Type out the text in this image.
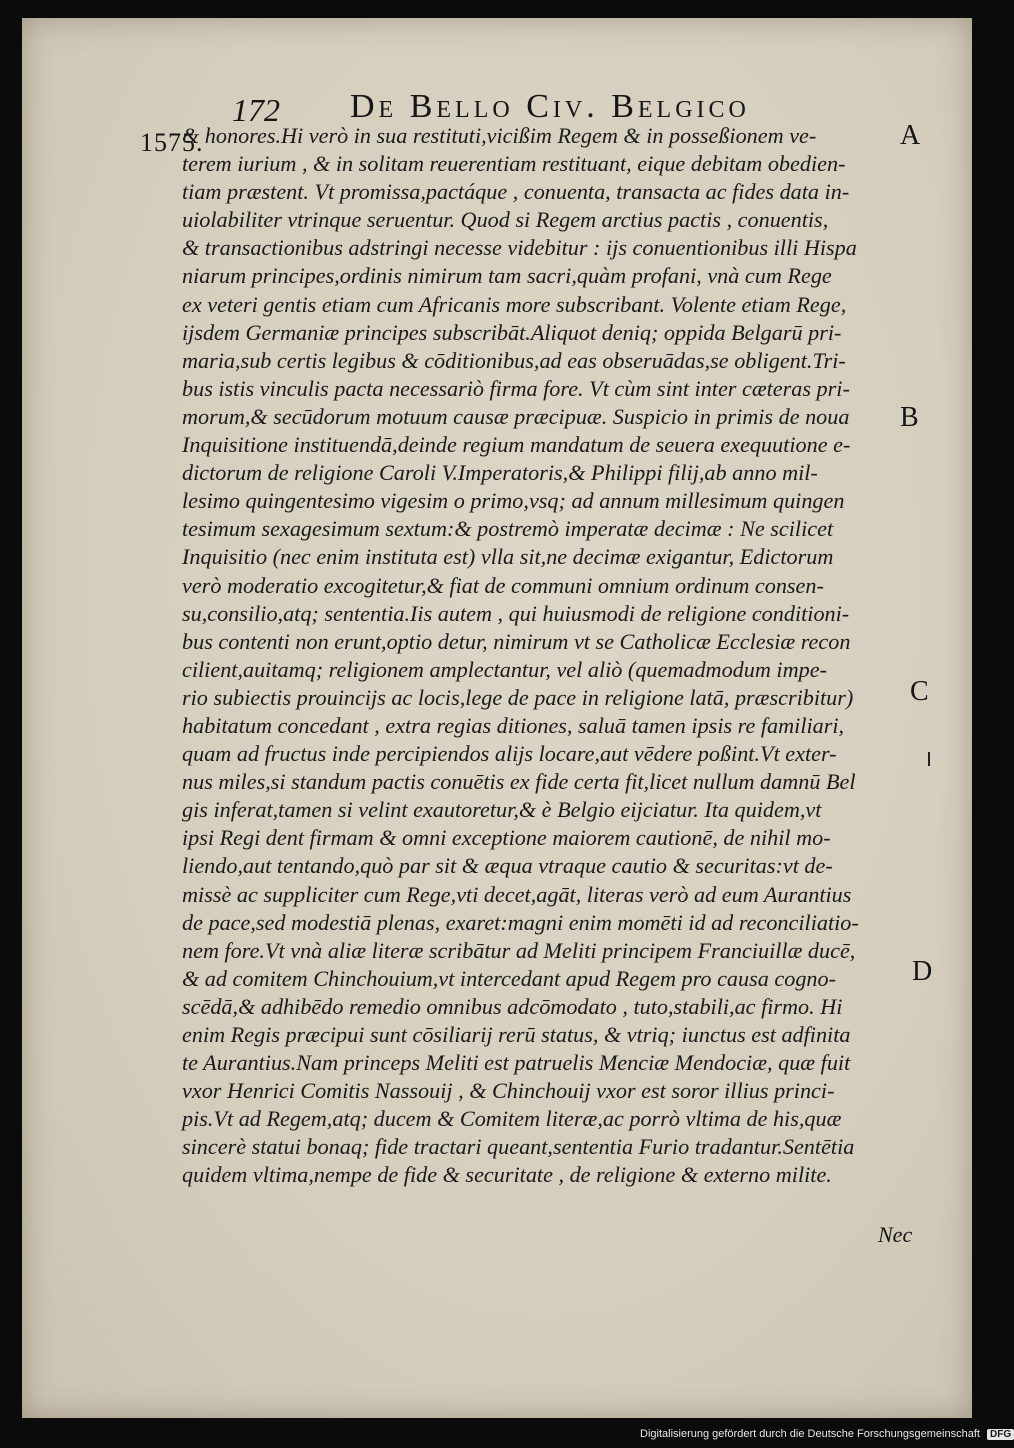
172 De Bello Civ. Belgico
1575.
& honores.Hi verò in sua restituti,vicißim Regem & in posseßionem ve-
terem iurium , & in solitam reuerentiam restituant, eique debitam obedien-
tiam præstent. Vt promissa,pactáque , conuenta, transacta ac fides data in-
uiolabiliter vtrinque seruentur. Quod si Regem arctius pactis , conuentis,
& transactionibus adstringi necesse videbitur : ijs conuentionibus illi Hispa
niarum principes,ordinis nimirum tam sacri,quàm profani, vnà cum Rege
ex veteri gentis etiam cum Africanis more subscribant. Volente etiam Rege,
ijsdem Germaniæ principes subscribāt.Aliquot deniq; oppida Belgarū pri-
maria,sub certis legibus & cōditionibus,ad eas obseruādas,se obligent.Tri-
bus istis vinculis pacta necessariò firma fore. Vt cùm sint inter cæteras pri-
morum,& secūdorum motuum causæ præcipuæ. Suspicio in primis de noua
Inquisitione instituendā,deinde regium mandatum de seuera exequutione e-
dictorum de religione Caroli V.Imperatoris,& Philippi filij,ab anno mil-
lesimo quingentesimo vigesim o primo,vsq; ad annum millesimum quingen
tesimum sexagesimum sextum:& postremò imperatæ decimæ : Ne scilicet
Inquisitio (nec enim instituta est) vlla sit,ne decimæ exigantur, Edictorum
verò moderatio excogitetur,& fiat de communi omnium ordinum consen-
su,consilio,atq; sententia.Iis autem , qui huiusmodi de religione conditioni-
bus contenti non erunt,optio detur, nimirum vt se Catholicæ Ecclesiæ recon
cilient,auitamq; religionem amplectantur, vel aliò (quemadmodum impe-
rio subiectis prouincijs ac locis,lege de pace in religione latā, præscribitur)
habitatum concedant , extra regias ditiones, saluā tamen ipsis re familiari,
quam ad fructus inde percipiendos alijs locare,aut vēdere poßint.Vt exter-
nus miles,si standum pactis conuētis ex fide certa fit,licet nullum damnū Bel
gis inferat,tamen si velint exautoretur,& è Belgio eijciatur. Ita quidem,vt
ipsi Regi dent firmam & omni exceptione maiorem cautionē, de nihil mo-
liendo,aut tentando,quò par sit & æqua vtraque cautio & securitas:vt de-
missè ac suppliciter cum Rege,vti decet,agāt, literas verò ad eum Aurantius
de pace,sed modestiā plenas, exaret:magni enim momēti id ad reconciliatio-
nem fore.Vt vnà aliæ literæ scribātur ad Meliti principem Franciuillæ ducē,
& ad comitem Chinchouium,vt intercedant apud Regem pro causa cogno-
scēdā,& adhibēdo remedio omnibus adcōmodato , tuto,stabili,ac firmo. Hi
enim Regis præcipui sunt cōsiliarij rerū status, & vtriq; iunctus est adfinita
te Aurantius.Nam princeps Meliti est patruelis Menciæ Mendociæ, quæ fuit
vxor Henrici Comitis Nassouij , & Chinchouij vxor est soror illius princi-
pis.Vt ad Regem,atq; ducem & Comitem literæ,ac porrò vltima de his,quæ
sincerè statui bonaq; fide tractari queant,sententia Furio tradantur.Sentētia
quidem vltima,nempe de fide & securitate , de religione & externo milite.
A
B
C
D
Nec
Digitalisierung gefördert durch die Deutsche Forschungsgemeinschaft DFG
